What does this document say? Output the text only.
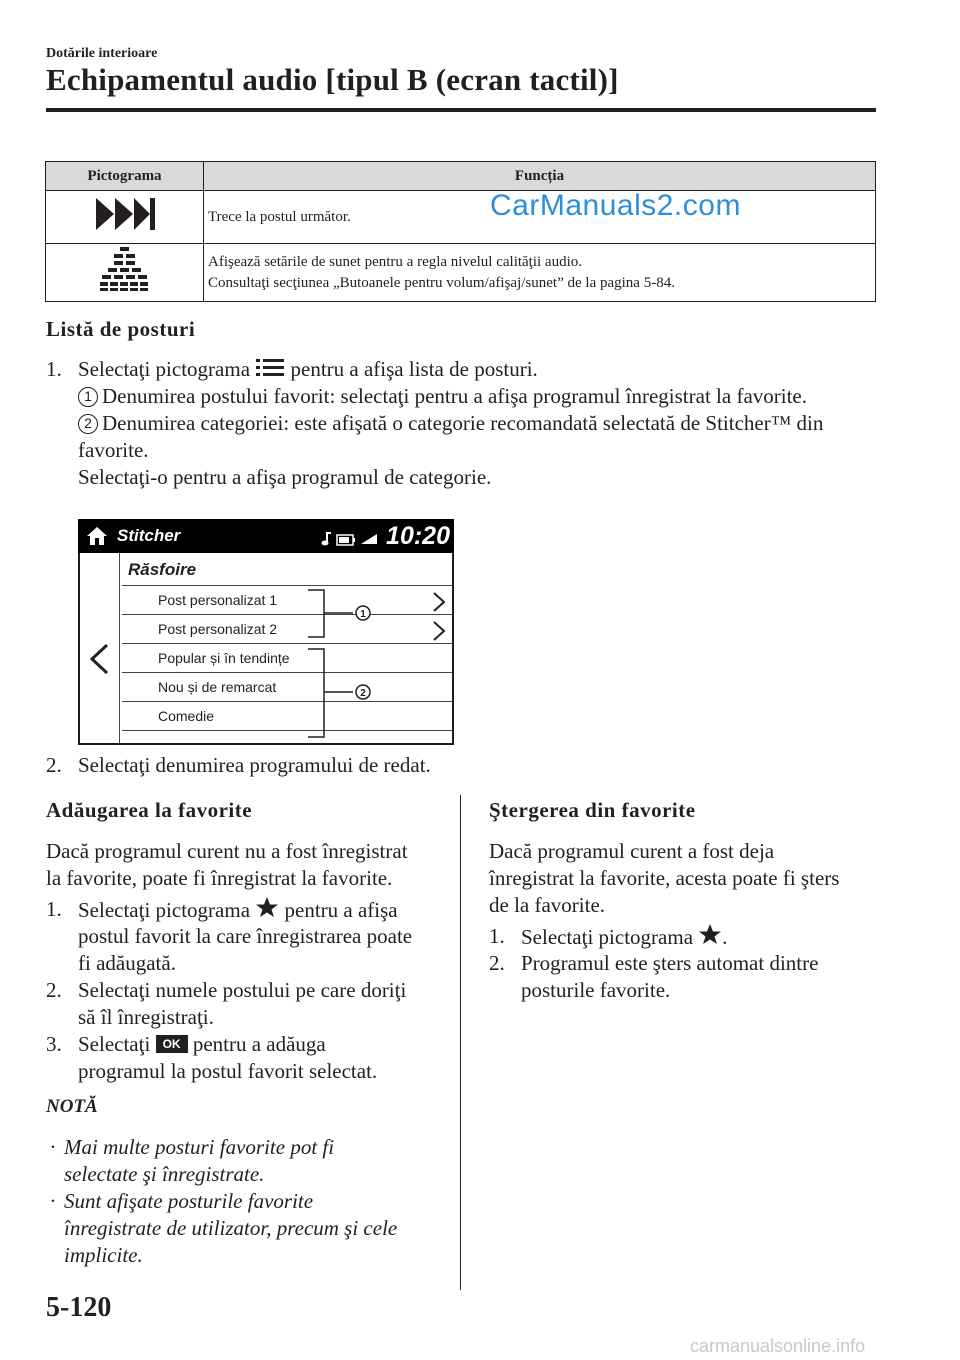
Dotările interioare
Echipamentul audio [tipul B (ecran tactil)]
Pictograma	Funcția

Trece la postul următor.

Afişează setările de sunet pentru a regla nivelul calităţii audio.
Consultaţi secţiunea „Butoanele pentru volum/afişaj/sunet” de la pagina 5-84.
CarManuals2.com
Listă de posturi
1. Selectaţi pictograma pentru a afişa lista de posturi.
1 Denumirea postului favorit: selectaţi pentru a afişa programul înregistrat la favorite.
2 Denumirea categoriei: este afişată o categorie recomandată selectată de Stitcher™ din
favorite.
Selectaţi-o pentru a afişa programul de categorie.
Stitcher	10:20
Răsfoire
Post personalizat 1
Post personalizat 2
Popular și în tendințe
Nou și de remarcat
Comedie
1
2
2. Selectaţi denumirea programului de redat.
Adăugarea la favorite
Dacă programul curent nu a fost înregistrat
la favorite, poate fi înregistrat la favorite.
1. Selectaţi pictograma pentru a afişa
postul favorit la care înregistrarea poate
fi adăugată.
2. Selectaţi numele postului pe care doriţi
să îl înregistraţi.
3. Selectaţi OK pentru a adăuga
programul la postul favorit selectat.
NOTĂ
· Mai multe posturi favorite pot fi
selectate şi înregistrate.
· Sunt afişate posturile favorite
înregistrate de utilizator, precum şi cele
implicite.
Ştergerea din favorite
Dacă programul curent a fost deja
înregistrat la favorite, acesta poate fi şters
de la favorite.
1. Selectaţi pictograma .
2. Programul este şters automat dintre
posturile favorite.
5-120
carmanualsonline.info
